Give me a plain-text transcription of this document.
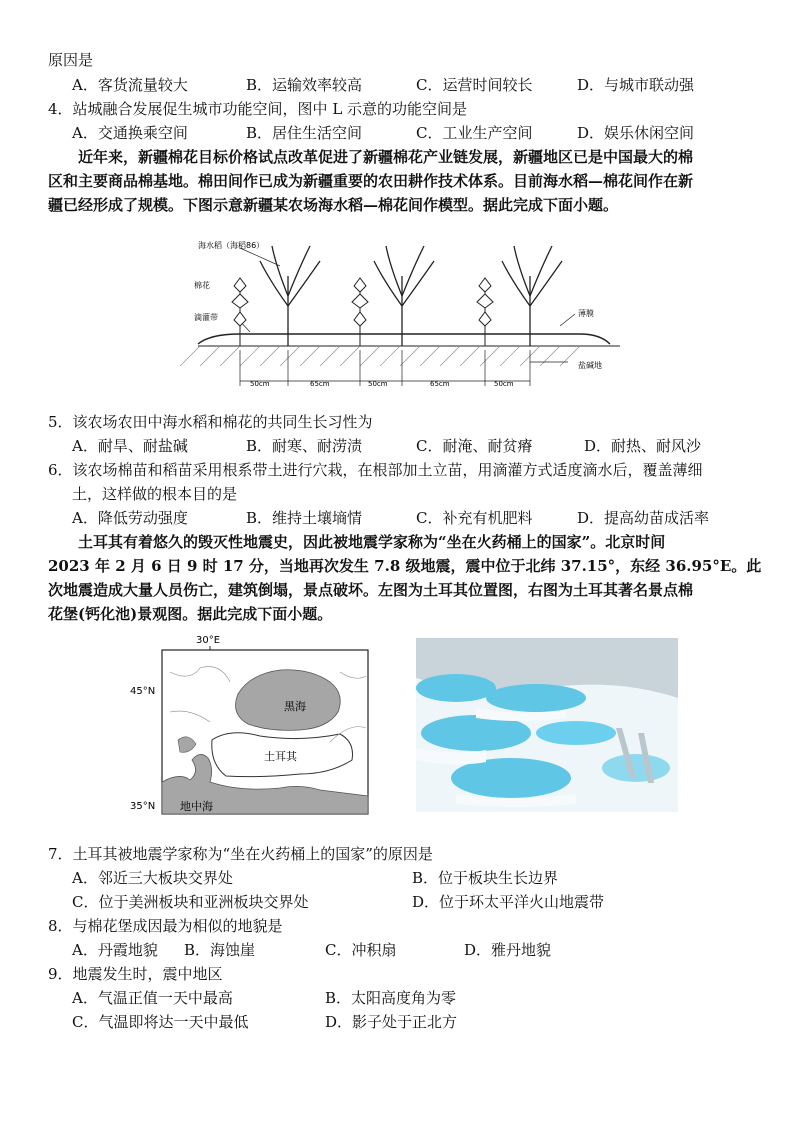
原因是
A．客货流量较大	B．运输效率较高	C．运营时间较长	D．与城市联动强
4．站城融合发展促生城市功能空间，图中 L 示意的功能空间是
A．交通换乘空间	B．居住生活空间	C．工业生产空间	D．娱乐休闲空间
近年来，新疆棉花目标价格试点改革促进了新疆棉花产业链发展，新疆地区已是中国最大的棉
区和主要商品棉基地。棉田间作已成为新疆重要的农田耕作技术体系。目前海水稻—棉花间作在新
疆已经形成了规模。下图示意新疆某农场海水稻—棉花间作模型。据此完成下面小题。
海水稻（海稻86）
棉花
滴灌带	薄膜
盐碱地
50cm	65cm	50cm	65cm	50cm
5．该农场农田中海水稻和棉花的共同生长习性为
A．耐旱、耐盐碱	B．耐寒、耐涝渍	C．耐淹、耐贫瘠	D．耐热、耐风沙
6．该农场棉苗和稻苗采用根系带土进行穴栽，在根部加土立苗，用滴灌方式适度滴水后，覆盖薄细
土，这样做的根本目的是
A．降低劳动强度	B．维持土壤墒情	C．补充有机肥料	D．提高幼苗成活率
土耳其有着悠久的毁灭性地震史，因此被地震学家称为“坐在火药桶上的国家”。北京时间
2023 年 2 月 6 日 9 时 17 分，当地再次发生 7.8 级地震，震中位于北纬 37.15°，东经 36.95°E。此
次地震造成大量人员伤亡，建筑倒塌，景点破坏。左图为土耳其位置图，右图为土耳其著名景点棉
花堡(钙化池)景观图。据此完成下面小题。
30°E
45°N
35°N
黑海
土耳其
地中海
7．土耳其被地震学家称为“坐在火药桶上的国家”的原因是
A．邻近三大板块交界处	B．位于板块生长边界
C．位于美洲板块和亚洲板块交界处	D．位于环太平洋火山地震带
8．与棉花堡成因最为相似的地貌是
A．丹霞地貌 B．海蚀崖	C．冲积扇	D．雅丹地貌
9．地震发生时，震中地区
A．气温正值一天中最高	B．太阳高度角为零
C．气温即将达一天中最低	D．影子处于正北方
